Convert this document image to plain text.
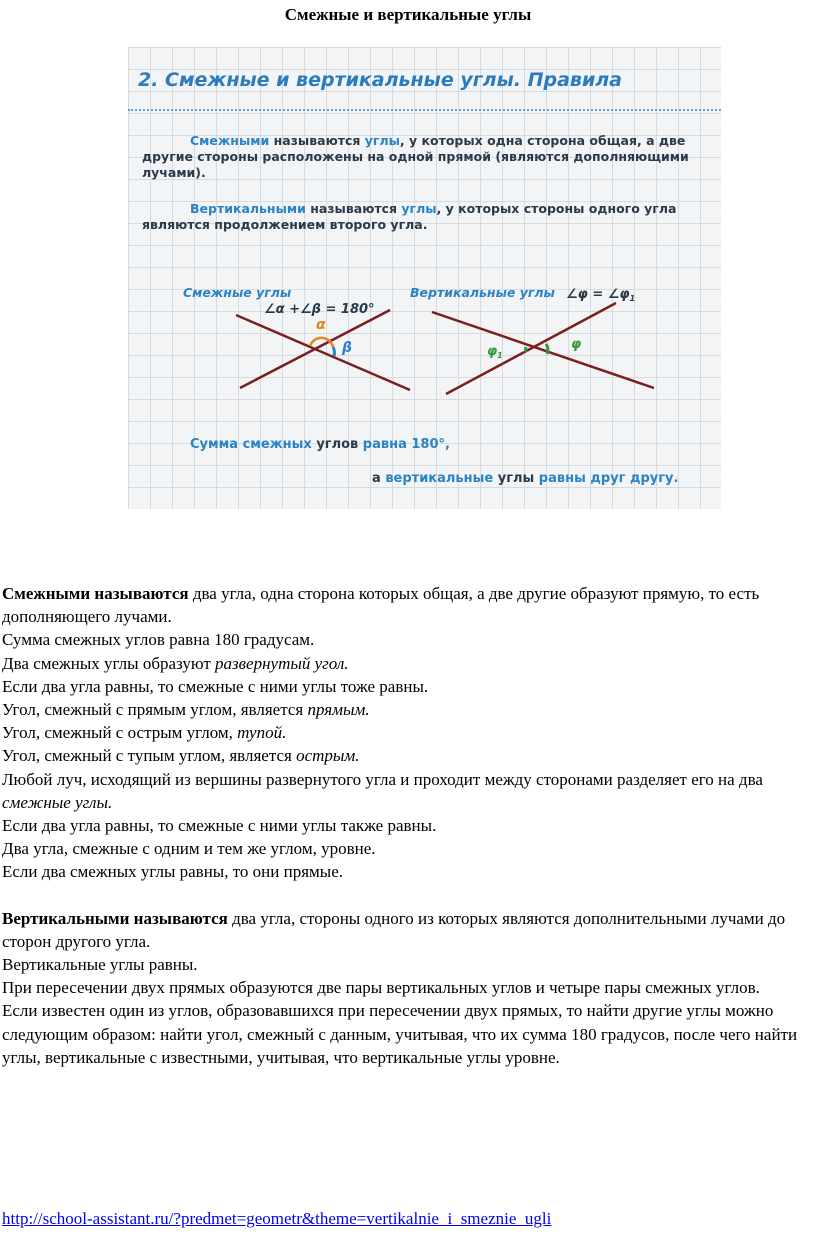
Смежные и вертикальные углы
2. Смежные и вертикальные углы. Правила
Смежными называются углы, у которых одна сторона общая, а две другие стороны расположены на одной прямой (являются дополняющими лучами).
Вертикальными называются углы, у которых стороны одного угла являются продолжением второго угла.
Смежные углы
∠α +∠β = 180°
α
β
Вертикальные углы ∠φ = $\angle\varphi_1$
$\varphi_1$
φ
Сумма смежных углов равна 180°,
а вертикальные углы равны друг другу.

Смежными называются два угла, одна сторона которых общая, а две другие образуют прямую, то есть дополняющего лучами.

Сумма смежных углов равна 180 градусам.

Два смежных углы образуют развернутый угол.

Если два угла равны, то смежные с ними углы тоже равны.

Угол, смежный с прямым углом, является прямым.

Угол, смежный с острым углом, тупой.

Угол, смежный с тупым углом, является острым.

Любой луч, исходящий из вершины развернутого угла и проходит между сторонами разделяет его на два смежные углы.

Если два угла равны, то смежные с ними углы также равны.

Два угла, смежные с одним и тем же углом, уровне.

Если два смежных углы равны, то они прямые.

Вертикальными называются два угла, стороны одного из которых являются дополнительными лучами до сторон другого угла.

Вертикальные углы равны.

При пересечении двух прямых образуются две пары вертикальных углов и четыре пары смежных углов.

Если известен один из углов, образовавшихся при пересечении двух прямых, то найти другие углы можно следующим образом: найти угол, смежный с данным, учитывая, что их сумма 180 градусов, после чего найти углы, вертикальные с известными, учитывая, что вертикальные углы уровне.

http://school-assistant.ru/?predmet=geometr&theme=vertikalnie_i_smeznie_ugli
